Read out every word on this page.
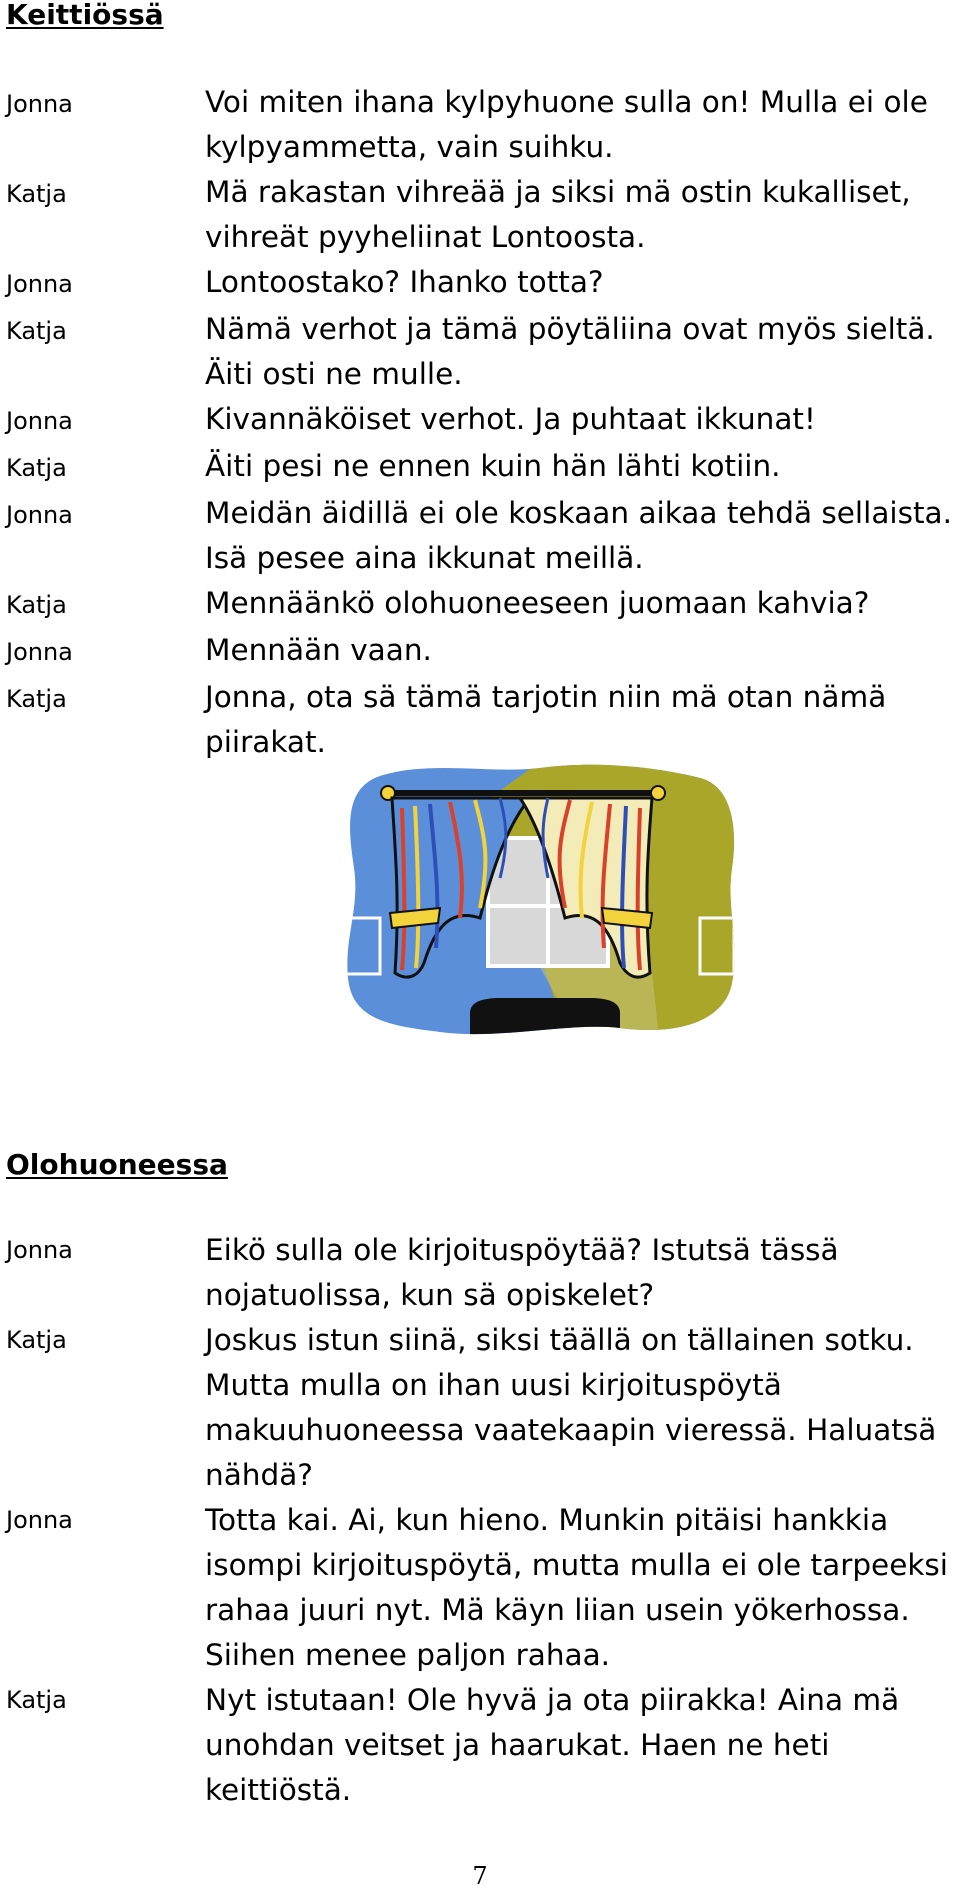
Keittiössä
Jonna	Voi miten ihana kylpyhuone sulla on! Mulla ei ole kylpyammetta, vain suihku.
Katja	Mä rakastan vihreää ja siksi mä ostin kukalliset, vihreät pyyheliinat Lontoosta.
Jonna	Lontoostako? Ihanko totta?
Katja	Nämä verhot ja tämä pöytäliina ovat myös sieltä. Äiti osti ne mulle.
Jonna	Kivannäköiset verhot. Ja puhtaat ikkunat!
Katja	Äiti pesi ne ennen kuin hän lähti kotiin.
Jonna	Meidän äidillä ei ole koskaan aikaa tehdä sellaista. Isä pesee aina ikkunat meillä.
Katja	Mennäänkö olohuoneeseen juomaan kahvia?
Jonna	Mennään vaan.
Katja	Jonna, ota sä tämä tarjotin niin mä otan nämä piirakat.
Olohuoneessa
Jonna	Eikö sulla ole kirjoituspöytää? Istutsä tässä nojatuolissa, kun sä opiskelet?
Katja	Joskus istun siinä, siksi täällä on tällainen sotku. Mutta mulla on ihan uusi kirjoituspöytä makuuhuoneessa vaatekaapin vieressä. Haluatsä nähdä?
Jonna	Totta kai. Ai, kun hieno. Munkin pitäisi hankkia isompi kirjoituspöytä, mutta mulla ei ole tarpeeksi rahaa juuri nyt. Mä käyn liian usein yökerhossa. Siihen menee paljon rahaa.
Katja	Nyt istutaan! Ole hyvä ja ota piirakka! Aina mä unohdan veitset ja haarukat. Haen ne heti keittiöstä.
7
